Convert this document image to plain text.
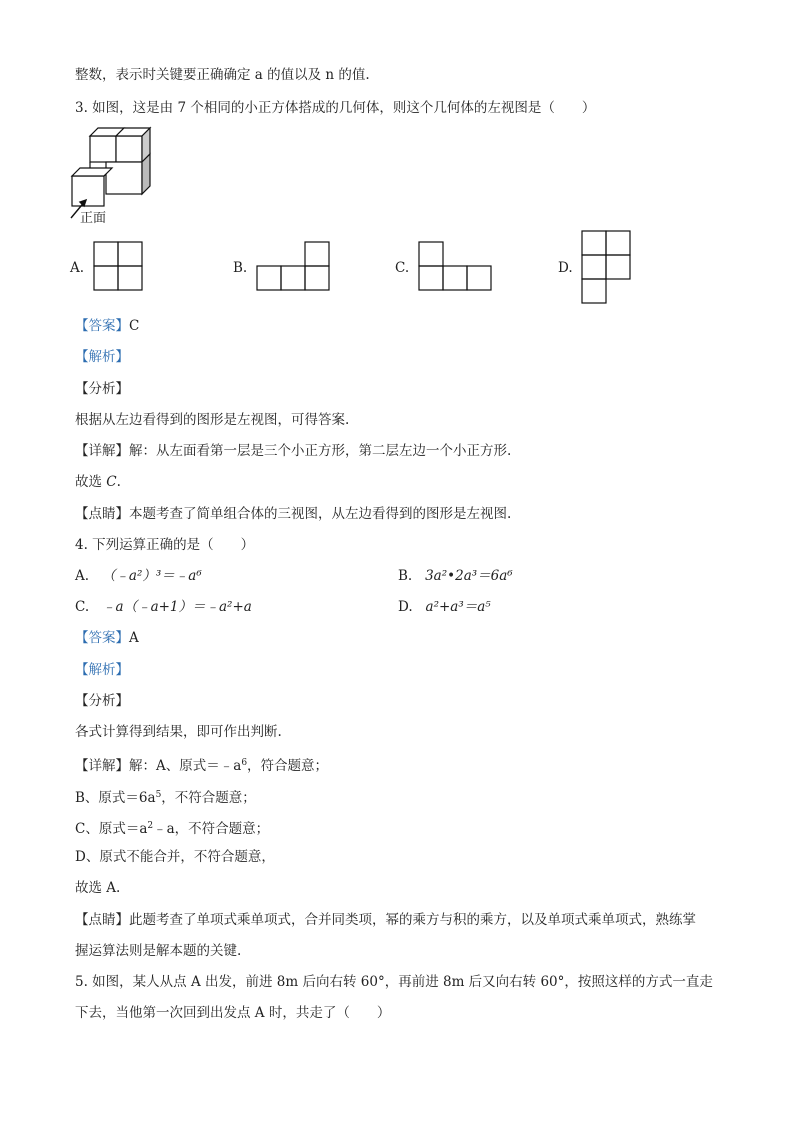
整数，表示时关键要正确确定 a 的值以及 n 的值.
3. 如图，这是由 7 个相同的小正方体搭成的几何体，则这个几何体的左视图是（　　）
正面
A.	B.	C.	D.
【答案】C
【解析】
【分析】
根据从左边看得到的图形是左视图，可得答案.
【详解】解：从左面看第一层是三个小正方形，第二层左边一个小正方形.
故选 C.
【点睛】本题考查了简单组合体的三视图，从左边看得到的图形是左视图.
4. 下列运算正确的是（　　）
A. （﹣a²）³＝﹣a⁶	B. 3a²•2a³＝6a⁶
C. ﹣a（﹣a+1）＝﹣a²+a	D. a²+a³＝a⁵
【答案】A
【解析】
【分析】
各式计算得到结果，即可作出判断.
【详解】解：A、原式$=﹣a^6$，符合题意；
B、原式$=6a^5$，不符合题意；
C、原式$=a^2﹣a$，不符合题意；
D、原式不能合并，不符合题意，
故选 A.
【点睛】此题考查了单项式乘单项式，合并同类项，幂的乘方与积的乘方，以及单项式乘单项式，熟练掌
握运算法则是解本题的关键.
5. 如图，某人从点 A 出发，前进 8m 后向右转 60°，再前进 8m 后又向右转 60°，按照这样的方式一直走
下去，当他第一次回到出发点 A 时，共走了（　　）
